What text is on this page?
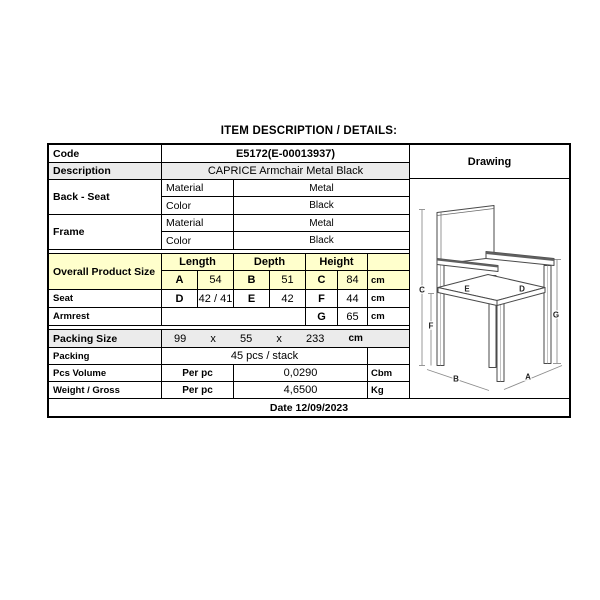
ITEM DESCRIPTION / DETAILS:
Code	E5172(E-00013937)
Description	CAPRICE Armchair Metal Black
Back - Seat
Material	Metal
Color	Black
Frame
Material	Metal
Color	Black
Overall Product Size
Length	Depth	Height
A	54	B	51	C	84	cm
Seat	D	42 / 41	E	42	F	44	cm
Armrest	G	65	cm
Packing Size	99 x 55 x 233 cm
Packing	45 pcs / stack
Pcs Volume	Per pc	0,0290	Cbm
Weight / Gross	Per pc	4,6500	Kg
Drawing
C
F
G
B	A
E	D
Date 12/09/2023
